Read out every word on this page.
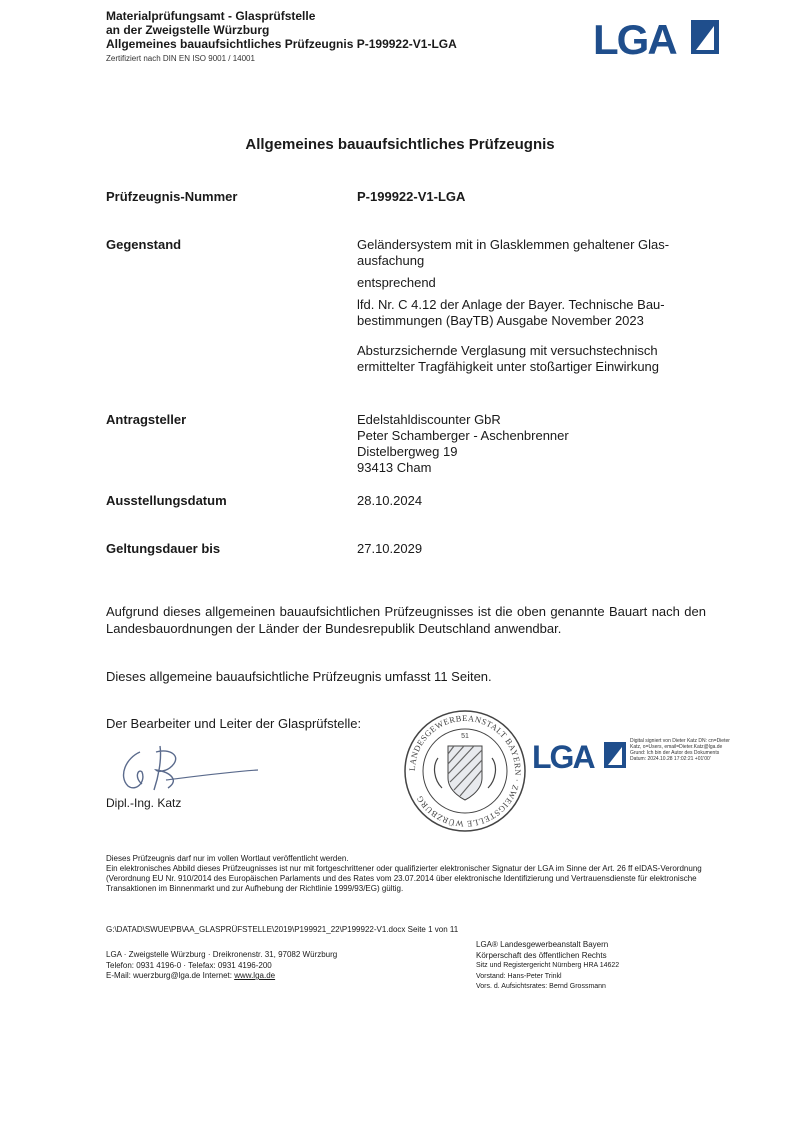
Materialprüfungsamt - Glasprüfstelle
an der Zweigstelle Würzburg
Allgemeines bauaufsichtliches Prüfzeugnis P-199922-V1-LGA
Zertifiziert nach DIN EN ISO 9001 / 14001	LGA
Allgemeines bauaufsichtliches Prüfzeugnis
Prüfzeugnis-Nummer	P-199922-V1-LGA
Gegenstand	Geländersystem mit in Glasklemmen gehaltener Glas-ausfachung
entsprechend
lfd. Nr. C 4.12 der Anlage der Bayer. Technische Bau-bestimmungen (BayTB) Ausgabe November 2023
Absturzsichernde Verglasung mit versuchstechnisch ermittelter Tragfähigkeit unter stoßartiger Einwirkung
Antragsteller	Edelstahldiscounter GbR
Peter Schamberger - Aschenbrenner
Distelbergweg 19
93413 Cham
Ausstellungsdatum	28.10.2024
Geltungsdauer bis	27.10.2029
Aufgrund dieses allgemeinen bauaufsichtlichen Prüfzeugnisses ist die oben genannte Bauart nach den Landesbauordnungen der Länder der Bundesrepublik Deutschland anwendbar.
Dieses allgemeine bauaufsichtliche Prüfzeugnis umfasst 11 Seiten.
Der Bearbeiter und Leiter der Glasprüfstelle:
Dipl.-Ing. Katz
LANDESGEWERBEANSTALT BAYERN · ZWEIGSTELLE WÜRZBURG
51
LGA	Digital signiert von Dieter Katz DN: cn=Dieter Katz, o=Users, email=Dieter.Katz@lga.de Grund: Ich bin der Autor des Dokuments Datum: 2024.10.28 17:02:21 +01'00'
Dieses Prüfzeugnis darf nur im vollen Wortlaut veröffentlicht werden.
Ein elektronisches Abbild dieses Prüfzeugnisses ist nur mit fortgeschrittener oder qualifizierter elektronischer Signatur der LGA im Sinne der Art. 26 ff eIDAS-Verordnung (Verordnung EU Nr. 910/2014 des Europäischen Parlaments und des Rates vom 23.07.2014 über elektronische Identifizierung und Vertrauensdienste für elektronische Transaktionen im Binnenmarkt und zur Aufhebung der Richtlinie 1999/93/EG) gültig.
G:\DATAD\SWUE\PB\AA_GLASPRÜFSTELLE\2019\P199921_22\P199922-V1.docx Seite 1 von 11
LGA · Zweigstelle Würzburg · Dreikronenstr. 31, 97082 Würzburg
Telefon: 0931 4196-0 · Telefax: 0931 4196-200
E-Mail: wuerzburg@lga.de Internet: www.lga.de
LGA® Landesgewerbeanstalt Bayern
Körperschaft des öffentlichen Rechts
Sitz und Registergericht Nürnberg HRA 14622
Vorstand: Hans-Peter Trinkl
Vors. d. Aufsichtsrates: Bernd Grossmann
